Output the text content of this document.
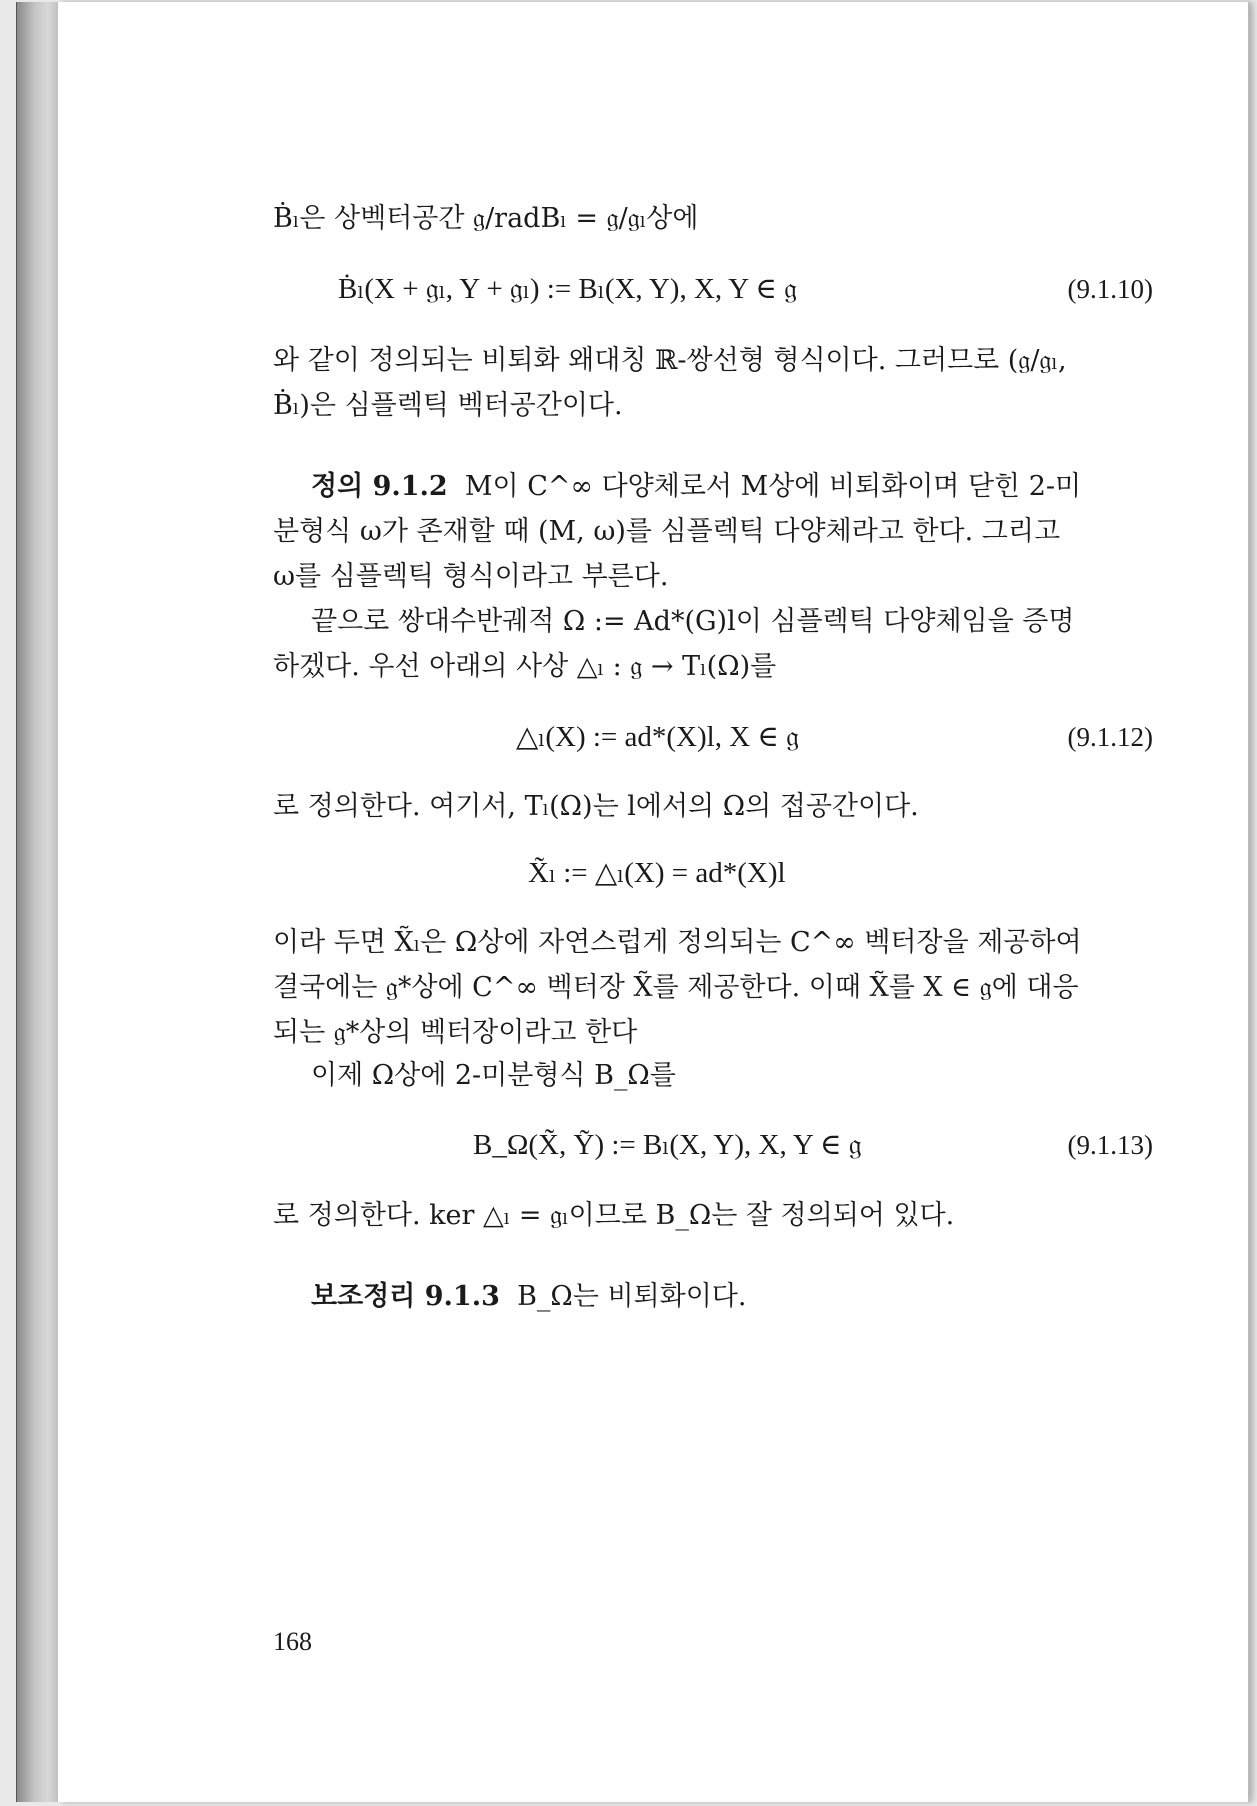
Ḃₗ은 상벡터공간 𝔤/radBₗ = 𝔤/𝔤ₗ상에
Ḃₗ(X + 𝔤ₗ, Y + 𝔤ₗ) := Bₗ(X, Y), X, Y ∈ 𝔤	(9.1.10)
와 같이 정의되는 비퇴화 왜대칭 ℝ-쌍선형 형식이다. 그러므로 (𝔤/𝔤ₗ,
Ḃₗ)은 심플렉틱 벡터공간이다.
정의 9.1.2 M이 C^∞ 다양체로서 M상에 비퇴화이며 닫힌 2-미
분형식 ω가 존재할 때 (M, ω)를 심플렉틱 다양체라고 한다. 그리고
ω를 심플렉틱 형식이라고 부른다.
끝으로 쌍대수반궤적 Ω := Ad*(G)l이 심플렉틱 다양체임을 증명
하겠다. 우선 아래의 사상 △ₗ : 𝔤 → Tₗ(Ω)를
△ₗ(X) := ad*(X)l, X ∈ 𝔤	(9.1.12)
로 정의한다. 여기서, Tₗ(Ω)는 l에서의 Ω의 접공간이다.
X̃ₗ := △ₗ(X) = ad*(X)l
이라 두면 X̃ₗ은 Ω상에 자연스럽게 정의되는 C^∞ 벡터장을 제공하여
결국에는 𝔤*상에 C^∞ 벡터장 X̃를 제공한다. 이때 X̃를 X ∈ 𝔤에 대응
되는 𝔤*상의 벡터장이라고 한다
이제 Ω상에 2-미분형식 B_Ω를
B_Ω(X̃, Ỹ) := Bₗ(X, Y), X, Y ∈ 𝔤	(9.1.13)
로 정의한다. ker △ₗ = 𝔤ₗ이므로 B_Ω는 잘 정의되어 있다.
보조정리 9.1.3 B_Ω는 비퇴화이다.
168
